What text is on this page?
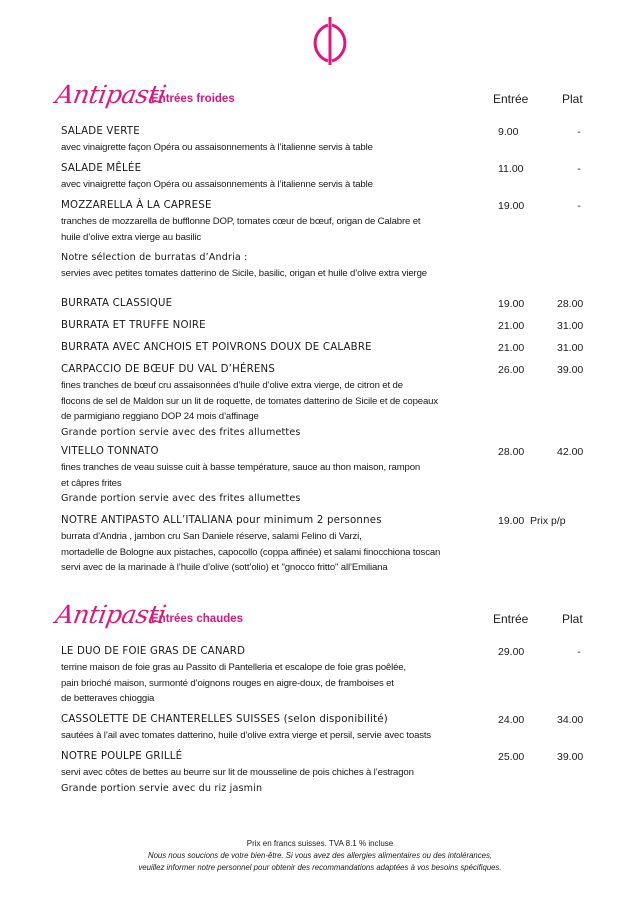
Antipasti
Entrées froides	Entrée	Plat
SALADE VERTE
avec vinaigrette façon Opéra ou assaisonnements à l’italienne servis à table
9.00	-
SALADE MÊLÉE
avec vinaigrette façon Opéra ou assaisonnements à l’italienne servis à table
11.00	-
MOZZARELLA À LA CAPRESE
tranches de mozzarella de bufflonne DOP, tomates cœur de bœuf, origan de Calabre et
huile d’olive extra vierge au basilic
19.00	-
Notre sélection de burratas d’Andria :
servies avec petites tomates datterino de Sicile, basilic, origan et huile d’olive extra vierge
BURRATA CLASSIQUE	19.00	28.00
BURRATA ET TRUFFE NOIRE	21.00	31.00
BURRATA AVEC ANCHOIS ET POIVRONS DOUX DE CALABRE	21.00	31.00
CARPACCIO DE BŒUF DU VAL D’HÉRENS
fines tranches de bœuf cru assaisonnées d’huile d’olive extra vierge, de citron et de
flocons de sel de Maldon sur un lit de roquette, de tomates datterino de Sicile et de copeaux
de parmigiano reggiano DOP 24 mois d’affinage
Grande portion servie avec des frites allumettes
26.00	39.00
VITELLO TONNATO
fines tranches de veau suisse cuit à basse température, sauce au thon maison, rampon
et câpres frites
Grande portion servie avec des frites allumettes
28.00	42.00
NOTRE ANTIPASTO ALL’ITALIANA pour minimum 2 personnes
burrata d’Andria , jambon cru San Daniele réserve, salami Felino di Varzi,
mortadelle de Bologne aux pistaches, capocollo (coppa affinée) et salami finocchiona toscan
servi avec de la marinade à l’huile d’olive (sott’olio) et "gnocco fritto" all’Emiliana
19.00 Prix p/p
Antipasti
Entrées chaudes	Entrée	Plat
LE DUO DE FOIE GRAS DE CANARD
terrine maison de foie gras au Passito di Pantelleria et escalope de foie gras poêlée,
pain brioché maison, surmonté d’oignons rouges en aigre-doux, de framboises et
de betteraves chioggia
29.00	-
CASSOLETTE DE CHANTERELLES SUISSES (selon disponibilité)
sautées à l’ail avec tomates datterino, huile d’olive extra vierge et persil, servie avec toasts
24.00	34.00
NOTRE POULPE GRILLÉ
servi avec côtes de bettes au beurre sur lit de mousseline de pois chiches à l’estragon
Grande portion servie avec du riz jasmin
25.00	39.00
Prix en francs suisses. TVA 8.1 % incluse
Nous nous soucions de votre bien-être. Si vous avez des allergies alimentaires ou des intolérances,
veuillez informer notre personnel pour obtenir des recommandations adaptées à vos besoins spécifiques.
